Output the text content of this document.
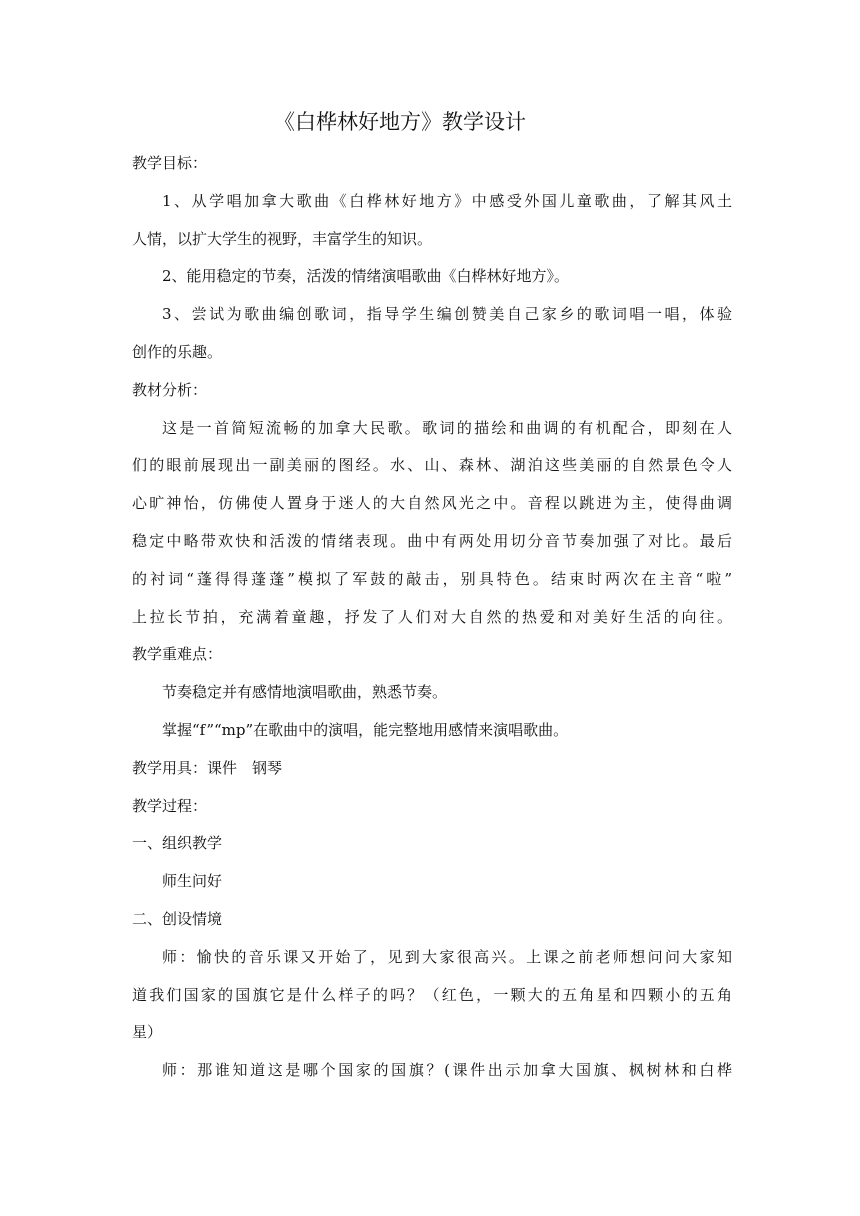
《白桦林好地方》教学设计
教学目标：
1、从学唱加拿大歌曲《白桦林好地方》中感受外国儿童歌曲，了解其风土
人情，以扩大学生的视野，丰富学生的知识。
2、能用稳定的节奏，活泼的情绪演唱歌曲《白桦林好地方》。
3、尝试为歌曲编创歌词，指导学生编创赞美自己家乡的歌词唱一唱，体验
创作的乐趣。
教材分析：
这是一首简短流畅的加拿大民歌。歌词的描绘和曲调的有机配合，即刻在人
们的眼前展现出一副美丽的图经。水、山、森林、湖泊这些美丽的自然景色令人
心旷神怡，仿佛使人置身于迷人的大自然风光之中。音程以跳进为主，使得曲调
稳定中略带欢快和活泼的情绪表现。曲中有两处用切分音节奏加强了对比。最后
的衬词“蓬得得蓬蓬”模拟了军鼓的敲击，别具特色。结束时两次在主音“啦”
上拉长节拍，充满着童趣，抒发了人们对大自然的热爱和对美好生活的向往。
教学重难点：
节奏稳定并有感情地演唱歌曲，熟悉节奏。
掌握“f”“mp”在歌曲中的演唱，能完整地用感情来演唱歌曲。
教学用具：课件　钢琴
教学过程：
一、组织教学
师生问好
二、创设情境
师：愉快的音乐课又开始了，见到大家很高兴。上课之前老师想问问大家知
道我们国家的国旗它是什么样子的吗？（红色，一颗大的五角星和四颗小的五角
星）
师：那谁知道这是哪个国家的国旗？(课件出示加拿大国旗、枫树林和白桦
